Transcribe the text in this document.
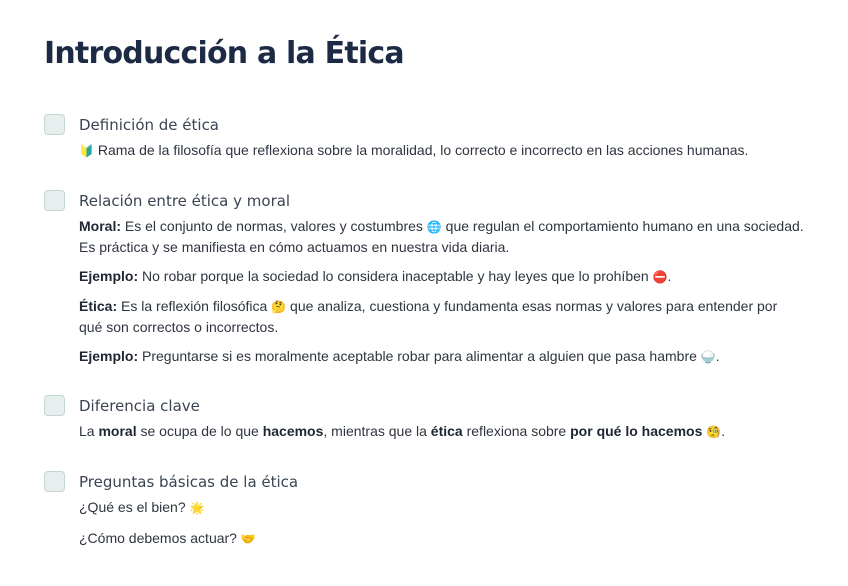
Introducción a la Ética
Definición de ética

🔰 Rama de la filosofía que reflexiona sobre la moralidad, lo correcto e incorrecto en las acciones humanas.

Relación entre ética y moral

Moral: Es el conjunto de normas, valores y costumbres 🌐 que regulan el comportamiento humano en una sociedad. Es práctica y se manifiesta en cómo actuamos en nuestra vida diaria.

Ejemplo: No robar porque la sociedad lo considera inaceptable y hay leyes que lo prohíben ⛔.

Ética: Es la reflexión filosófica 🤔 que analiza, cuestiona y fundamenta esas normas y valores para entender por qué son correctos o incorrectos.

Ejemplo: Preguntarse si es moralmente aceptable robar para alimentar a alguien que pasa hambre 🍚.

Diferencia clave

La moral se ocupa de lo que hacemos, mientras que la ética reflexiona sobre por qué lo hacemos 🧐.

Preguntas básicas de la ética

¿Qué es el bien? 🌟

¿Cómo debemos actuar? 🤝
